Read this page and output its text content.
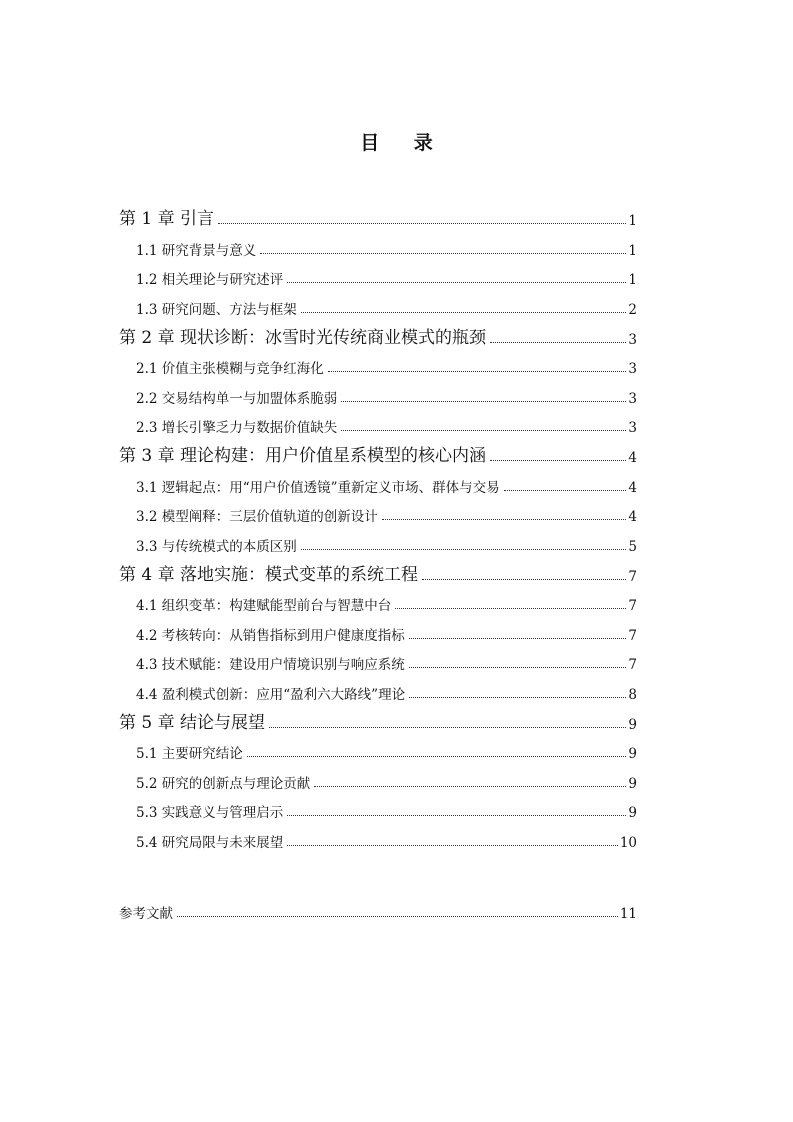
目 录
第 1 章 引言	1
1.1 研究背景与意义	1
1.2 相关理论与研究述评	1
1.3 研究问题、方法与框架	2
第 2 章 现状诊断：冰雪时光传统商业模式的瓶颈	3
2.1 价值主张模糊与竞争红海化	3
2.2 交易结构单一与加盟体系脆弱	3
2.3 增长引擎乏力与数据价值缺失	3
第 3 章 理论构建：用户价值星系模型的核心内涵	4
3.1 逻辑起点：用“用户价值透镜”重新定义市场、群体与交易	4
3.2 模型阐释：三层价值轨道的创新设计	4
3.3 与传统模式的本质区别	5
第 4 章 落地实施：模式变革的系统工程	7
4.1 组织变革：构建赋能型前台与智慧中台	7
4.2 考核转向：从销售指标到用户健康度指标	7
4.3 技术赋能：建设用户情境识别与响应系统	7
4.4 盈利模式创新：应用“盈利六大路线”理论	8
第 5 章 结论与展望	9
5.1 主要研究结论	9
5.2 研究的创新点与理论贡献	9
5.3 实践意义与管理启示	9
5.4 研究局限与未来展望	10
参考文献	11
